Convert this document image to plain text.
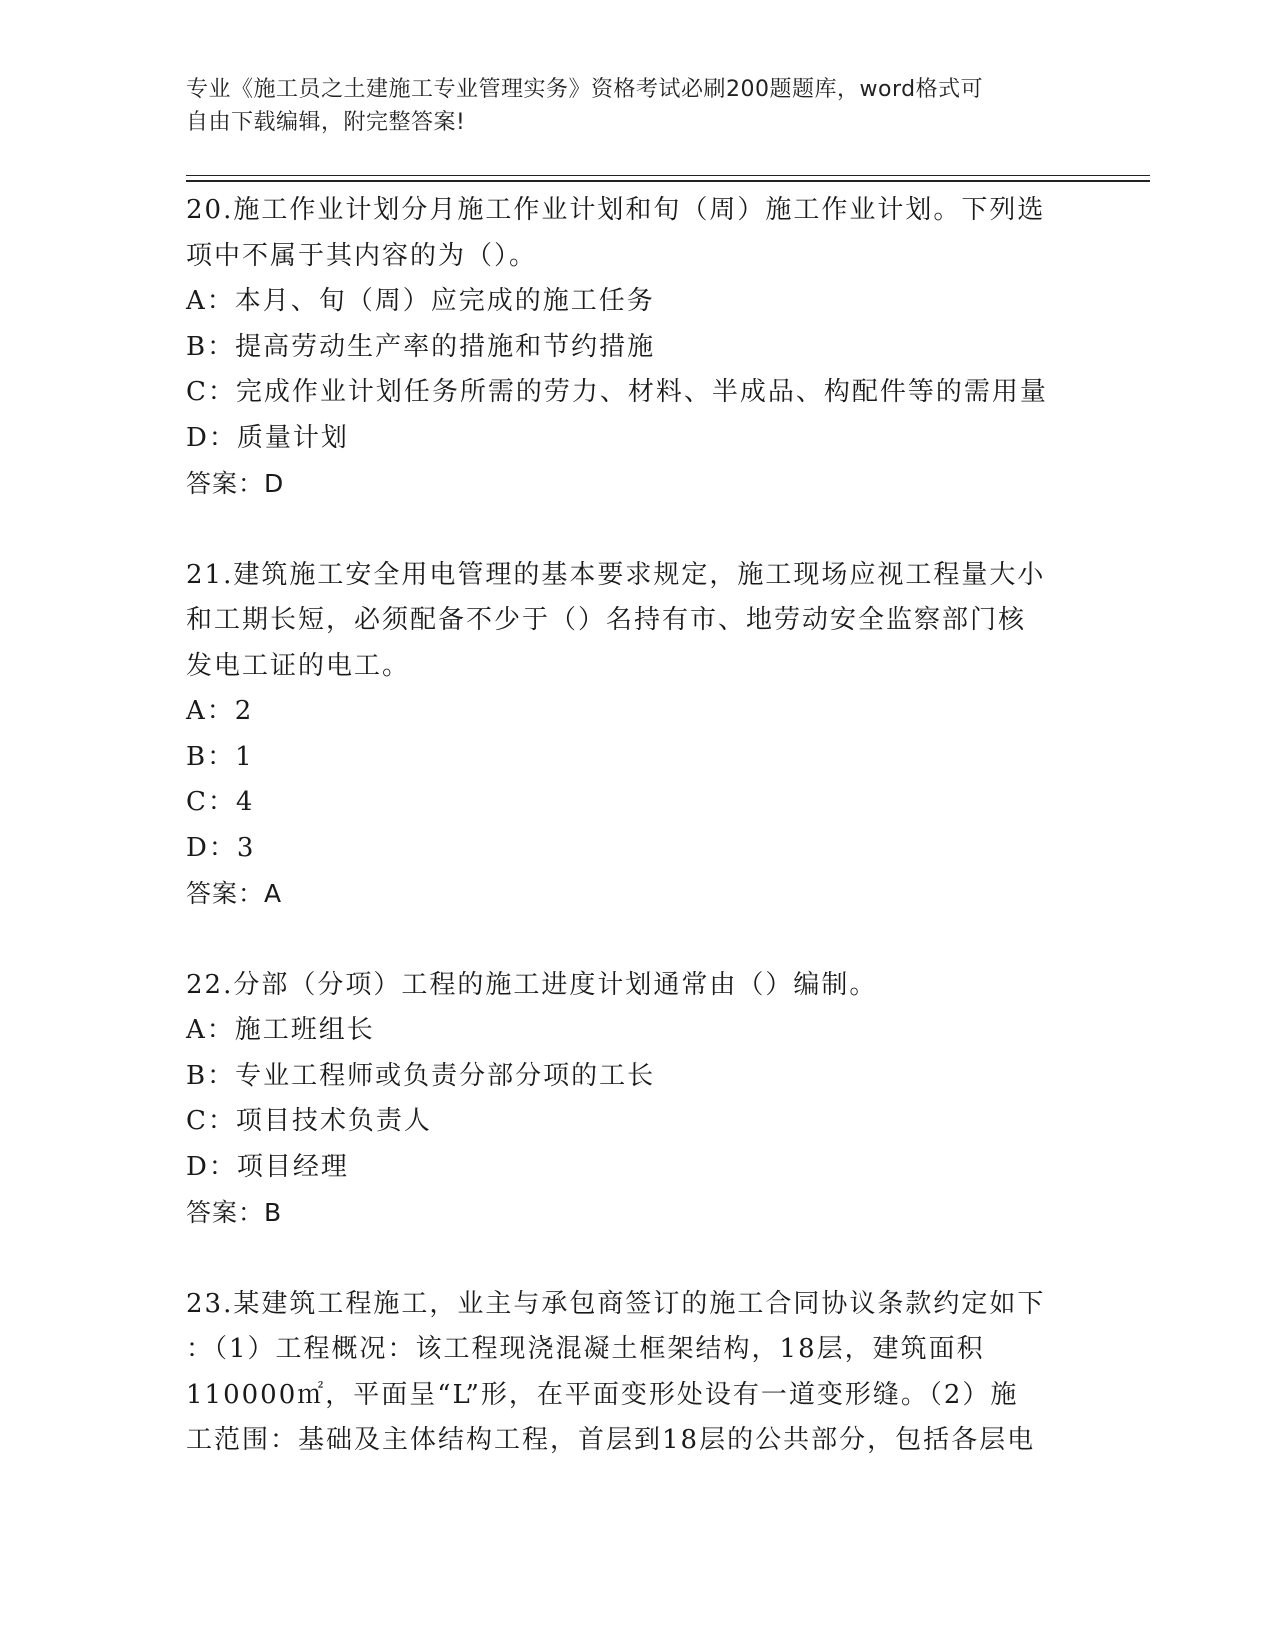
专业《施工员之土建施工专业管理实务》资格考试必刷200题题库，word格式可
自由下载编辑，附完整答案!
20.施工作业计划分月施工作业计划和旬（周）施工作业计划。下列选
项中不属于其内容的为（）。
A：本月、旬（周）应完成的施工任务
B：提高劳动生产率的措施和节约措施
C：完成作业计划任务所需的劳力、材料、半成品、构配件等的需用量
D：质量计划
答案：D
21.建筑施工安全用电管理的基本要求规定，施工现场应视工程量大小
和工期长短，必须配备不少于（）名持有市、地劳动安全监察部门核
发电工证的电工。
A：2
B：1
C：4
D：3
答案：A
22.分部（分项）工程的施工进度计划通常由（）编制。
A：施工班组长
B：专业工程师或负责分部分项的工长
C：项目技术负责人
D：项目经理
答案：B
23.某建筑工程施工，业主与承包商签订的施工合同协议条款约定如下
：（1）工程概况：该工程现浇混凝土框架结构，18层，建筑面积
110000㎡，平面呈“L”形，在平面变形处设有一道变形缝。（2）施
工范围：基础及主体结构工程，首层到18层的公共部分，包括各层电
